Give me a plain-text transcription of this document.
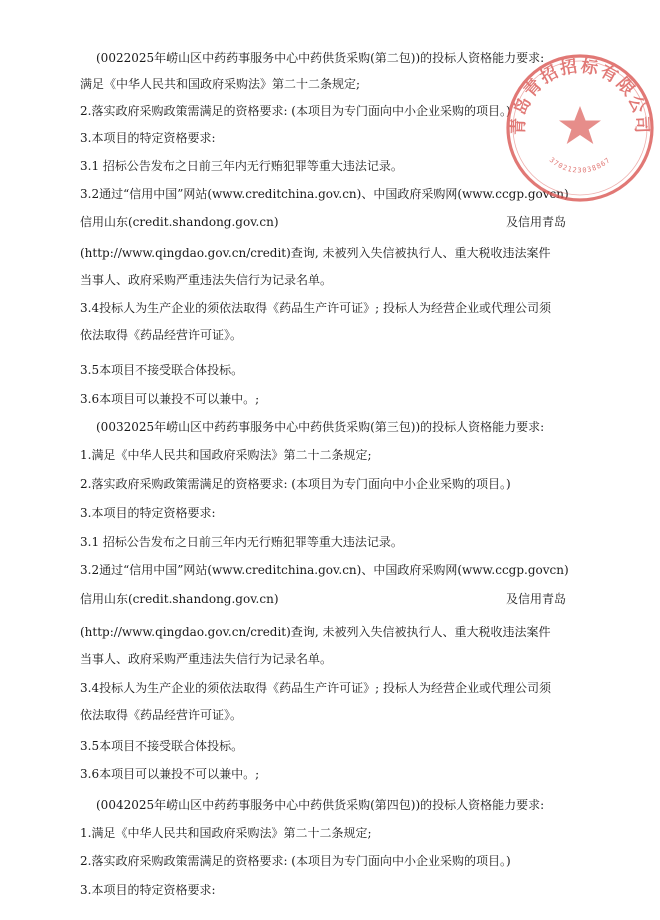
(0022025年崂山区中药药事服务中心中药供货采购(第二包))的投标人资格能力要求:
满足《中华人民共和国政府采购法》第二十二条规定;
2.落实政府采购政策需满足的资格要求: (本项目为专门面向中小企业采购的项目。)
3.本项目的特定资格要求:
3.1 招标公告发布之日前三年内无行贿犯罪等重大违法记录。
3.2通过“信用中国”网站(www.creditchina.gov.cn)、中国政府采购网(www.ccgp.govcn)
信用山东(credit.shandong.gov.cn)	及信用青岛
(http://www.qingdao.gov.cn/credit)查询, 未被列入失信被执行人、重大税收违法案件
当事人、政府采购严重违法失信行为记录名单。
3.4投标人为生产企业的须依法取得《药品生产许可证》; 投标人为经营企业或代理公司须
依法取得《药品经营许可证》。
3.5本项目不接受联合体投标。
3.6本项目可以兼投不可以兼中。;
(0032025年崂山区中药药事服务中心中药供货采购(第三包))的投标人资格能力要求:
1.满足《中华人民共和国政府采购法》第二十二条规定;
2.落实政府采购政策需满足的资格要求: (本项目为专门面向中小企业采购的项目。)
3.本项目的特定资格要求:
3.1 招标公告发布之日前三年内无行贿犯罪等重大违法记录。
3.2通过“信用中国”网站(www.creditchina.gov.cn)、中国政府采购网(www.ccgp.govcn)
信用山东(credit.shandong.gov.cn)	及信用青岛
(http://www.qingdao.gov.cn/credit)查询, 未被列入失信被执行人、重大税收违法案件
当事人、政府采购严重违法失信行为记录名单。
3.4投标人为生产企业的须依法取得《药品生产许可证》; 投标人为经营企业或代理公司须
依法取得《药品经营许可证》。
3.5本项目不接受联合体投标。
3.6本项目可以兼投不可以兼中。;
(0042025年崂山区中药药事服务中心中药供货采购(第四包))的投标人资格能力要求:
1.满足《中华人民共和国政府采购法》第二十二条规定;
2.落实政府采购政策需满足的资格要求: (本项目为专门面向中小企业采购的项目。)
3.本项目的特定资格要求:
青岛青招招标有限公司
3702123038867
